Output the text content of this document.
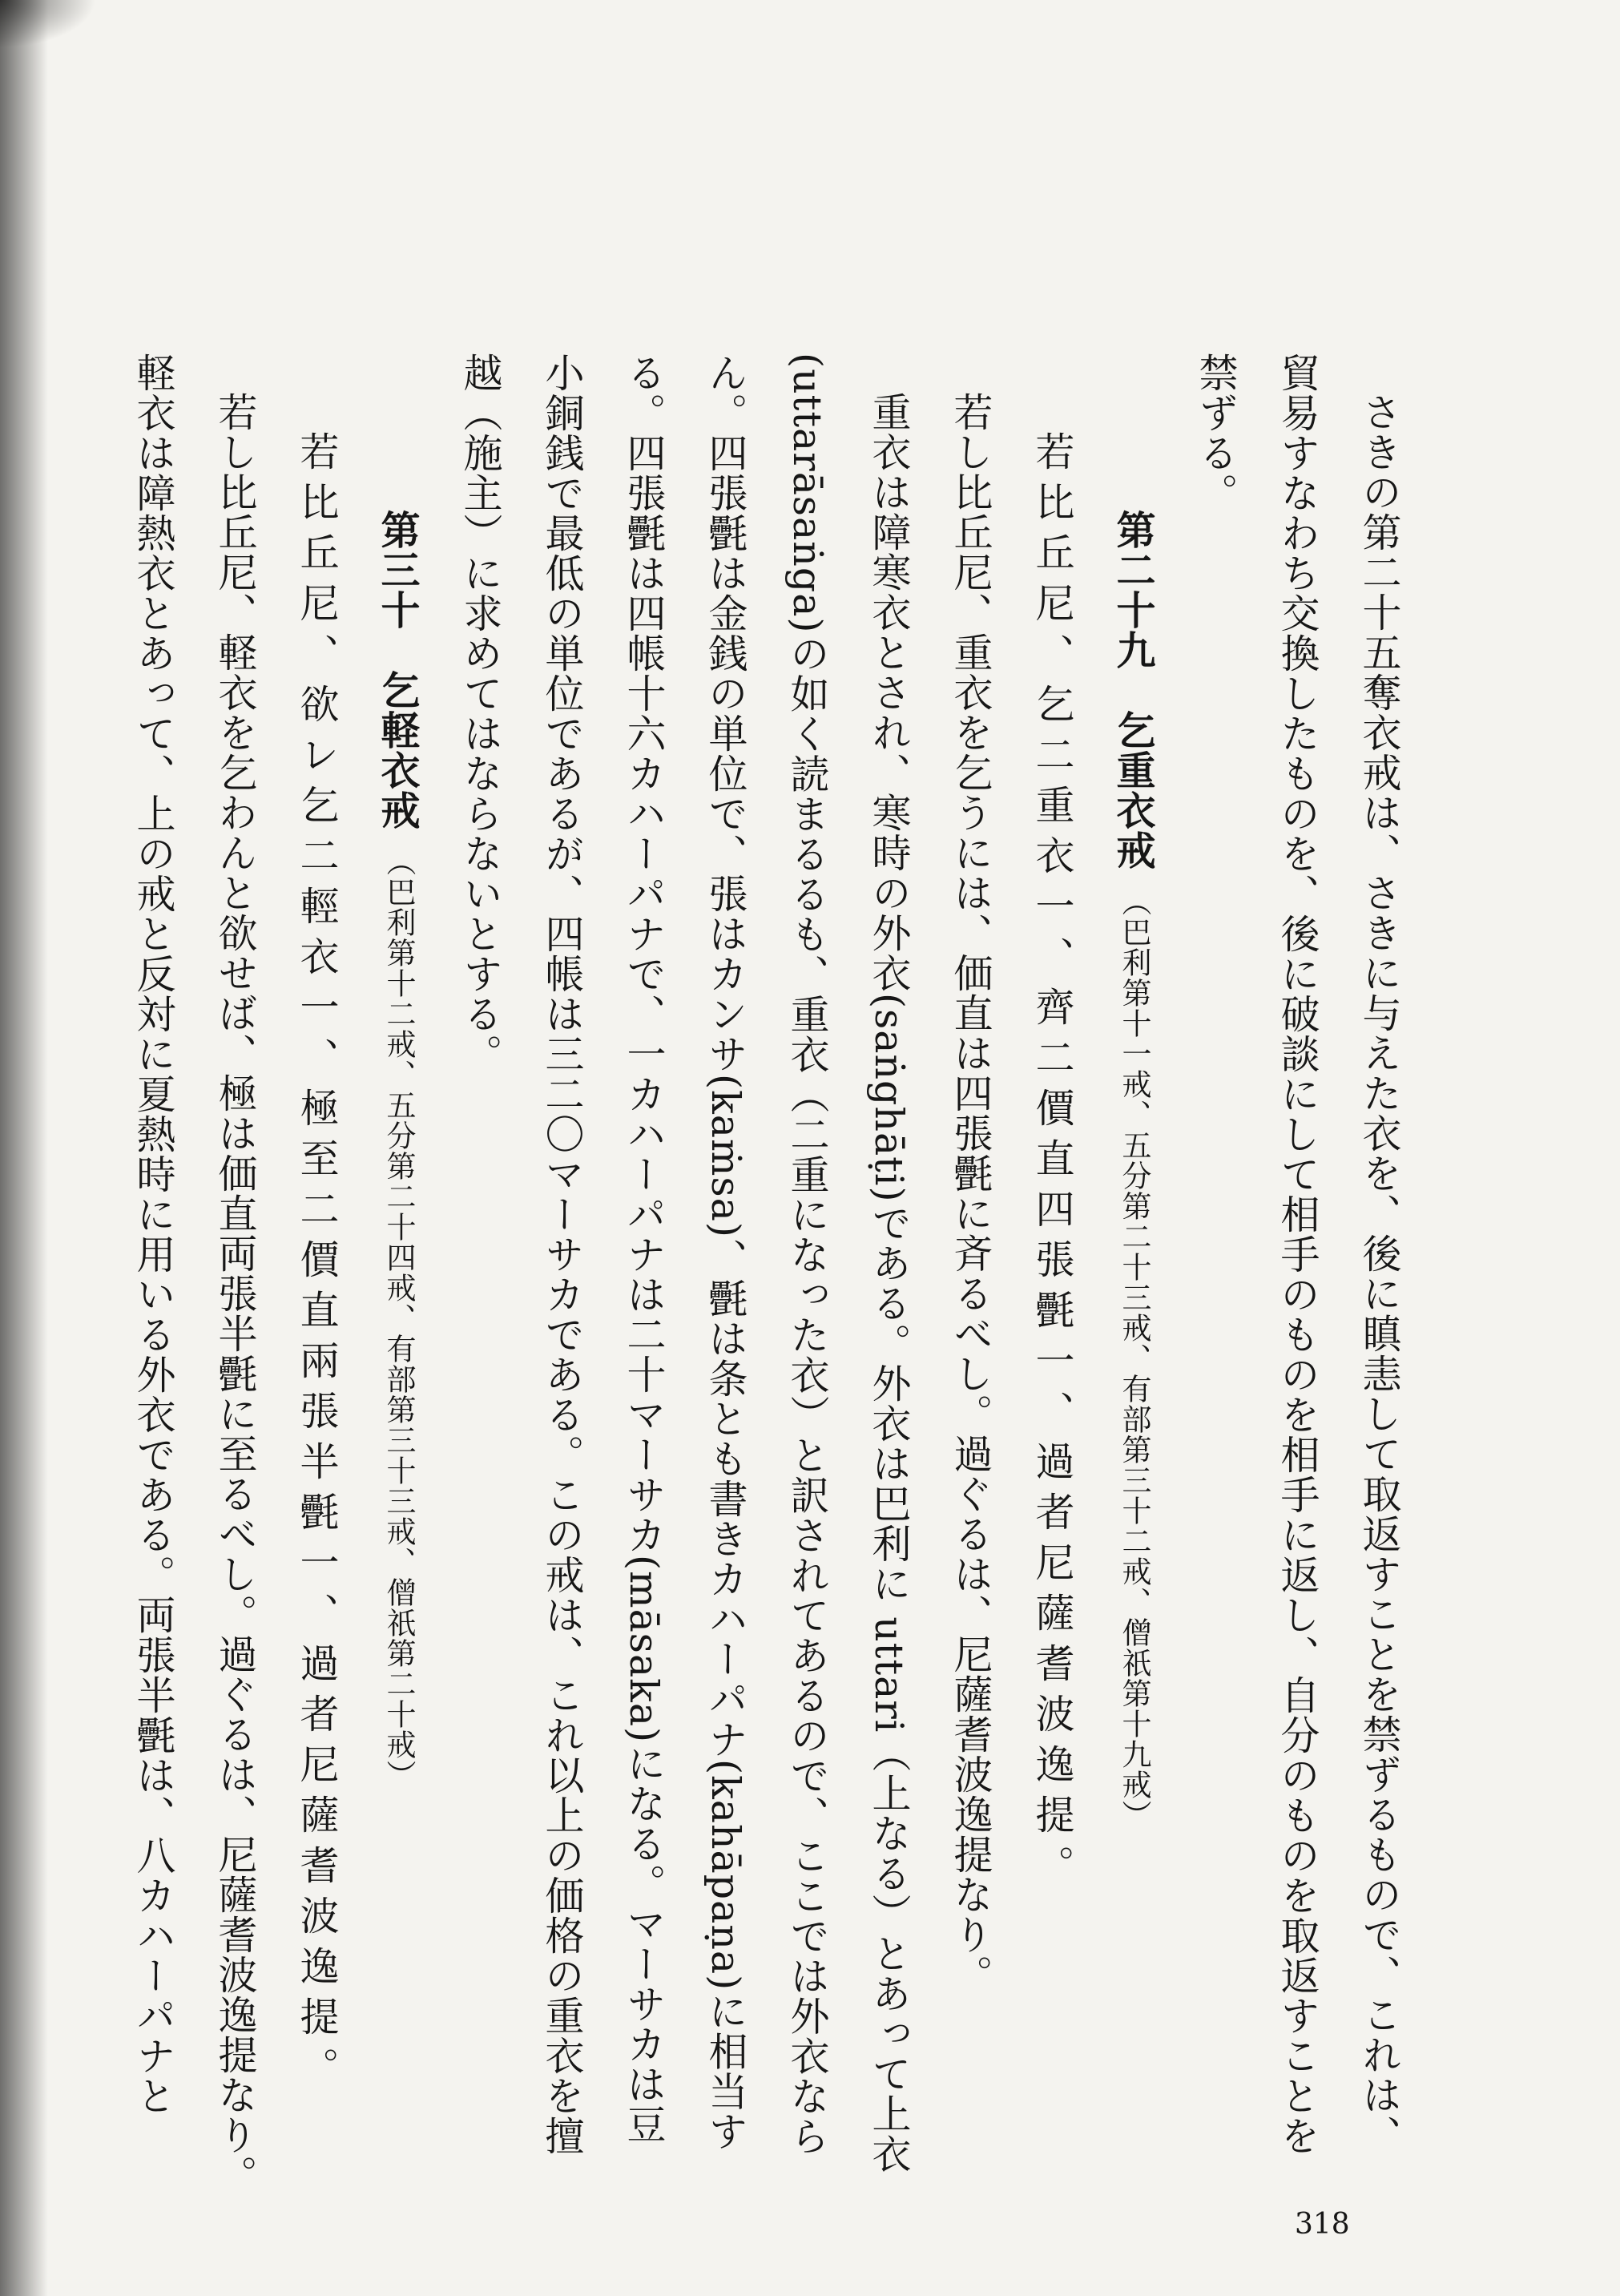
さきの第二十五奪衣戒は、さきに与えた衣を、後に瞋恚して取返すことを禁ずるもので、これは、

貿易すなわち交換したものを、後に破談にして相手のものを相手に返し、自分のものを取返すことを

禁ずる。

第二十九　乞重衣戒（巴利第十一戒、五分第二十三戒、有部第三十二戒、僧祇第十九戒）

若比丘尼、乞二重衣一、齊二價直四張㲲一、過者尼薩耆波逸提。

若し比丘尼、重衣を乞うには、価直は四張㲲に斉るべし。過ぐるは、尼薩耆波逸提なり。

重衣は障寒衣とされ、寒時の外衣(saṅghāṭi)である。外衣は巴利に uttari（上なる）とあって上衣

(uttarāsaṅga)の如く読まるるも、重衣（二重になった衣）と訳されてあるので、ここでは外衣なら

ん。四張㲲は金銭の単位で、張はカンサ(kaṁsa)、㲲は条とも書きカハーパナ(kahāpaṇa)に相当す

る。四張㲲は四帳十六カハーパナで、一カハーパナは二十マーサカ(māsaka)になる。マーサカは豆

小銅銭で最低の単位であるが、四帳は三二〇マーサカである。この戒は、これ以上の価格の重衣を擅

越（施主）に求めてはならないとする。

第三十　乞軽衣戒（巴利第十二戒、五分第二十四戒、有部第三十三戒、僧祇第二十戒）

若比丘尼、欲レ乞二輕衣一、極至二價直兩張半㲲一、過者尼薩耆波逸提。

若し比丘尼、軽衣を乞わんと欲せば、極は価直両張半㲲に至るべし。過ぐるは、尼薩耆波逸提なり。

軽衣は障熱衣とあって、上の戒と反対に夏熱時に用いる外衣である。両張半㲲は、八カハーパナと

318
